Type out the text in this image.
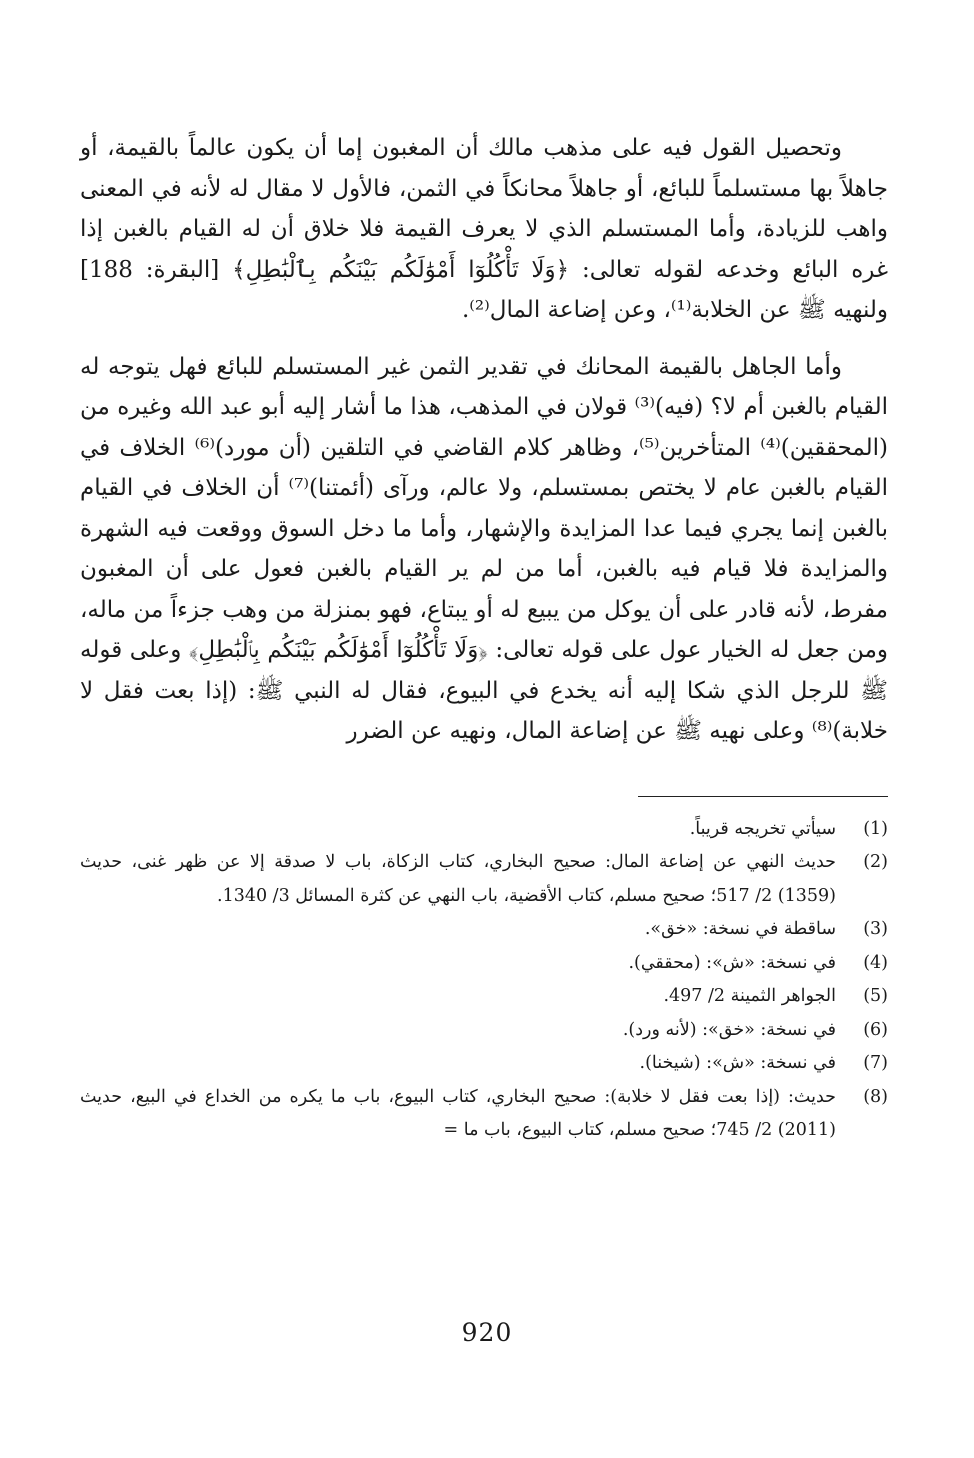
وتحصيل القول فيه على مذهب مالك أن المغبون إما أن يكون عالماً بالقيمة، أو جاهلاً بها مستسلماً للبائع، أو جاهلاً محانكاً في الثمن، فالأول لا مقال له لأنه في المعنى واهب للزيادة، وأما المستسلم الذي لا يعرف القيمة فلا خلاق أن له القيام بالغبن إذا غره البائع وخدعه لقوله تعالى: ﴿وَلَا تَأْكُلُوٓا أَمْوَٰلَكُم بَيْنَكُم بِٱلْبَٰطِلِ﴾ [البقرة: 188] ولنهيه ﷺ عن الخلابة⁽¹⁾، وعن إضاعة المال⁽²⁾.

وأما الجاهل بالقيمة المحانك في تقدير الثمن غير المستسلم للبائع فهل يتوجه له القيام بالغبن أم لا؟ (فيه)⁽³⁾ قولان في المذهب، هذا ما أشار إليه أبو عبد الله وغيره من (المحققين)⁽⁴⁾ المتأخرين⁽⁵⁾، وظاهر كلام القاضي في التلقين (أن مورد)⁽⁶⁾ الخلاف في القيام بالغبن عام لا يختص بمستسلم، ولا عالم، ورآى (أئمتنا)⁽⁷⁾ أن الخلاف في القيام بالغبن إنما يجري فيما عدا المزايدة والإشهار، وأما ما دخل السوق ووقعت فيه الشهرة والمزايدة فلا قيام فيه بالغبن، أما من لم ير القيام بالغبن فعول على أن المغبون مفرط، لأنه قادر على أن يوكل من يبيع له أو يبتاع، فهو بمنزلة من وهب جزءاً من ماله، ومن جعل له الخيار عول على قوله تعالى: ﴿وَلَا تَأْكُلُوٓا أَمْوَٰلَكُم بَيْنَكُم بِٱلْبَٰطِلِ﴾ وعلى قوله ﷺ للرجل الذي شكا إليه أنه يخدع في البيوع، فقال له النبي ﷺ: (إذا بعت فقل لا خلابة)⁽⁸⁾ وعلى نهيه ﷺ عن إضاعة المال، ونهيه عن الضرر

(1)
سيأتي تخريجه قريباً.
(2)
حديث النهي عن إضاعة المال: صحيح البخاري، كتاب الزكاة، باب لا صدقة إلا عن ظهر غنى، حديث (1359) 2/ 517؛ صحيح مسلم، كتاب الأقضية، باب النهي عن كثرة المسائل 3/ 1340.
(3)
ساقطة في نسخة: «خق».
(4)
في نسخة: «ش»: (محققي).
(5)
الجواهر الثمينة 2/ 497.
(6)
في نسخة: «خق»: (لأنه ورد).
(7)
في نسخة: «ش»: (شيخنا).
(8)
حديث: (إذا بعت فقل لا خلابة): صحيح البخاري، كتاب البيوع، باب ما يكره من الخداع في البيع، حديث (2011) 2/ 745؛ صحيح مسلم، كتاب البيوع، باب ما =
920
